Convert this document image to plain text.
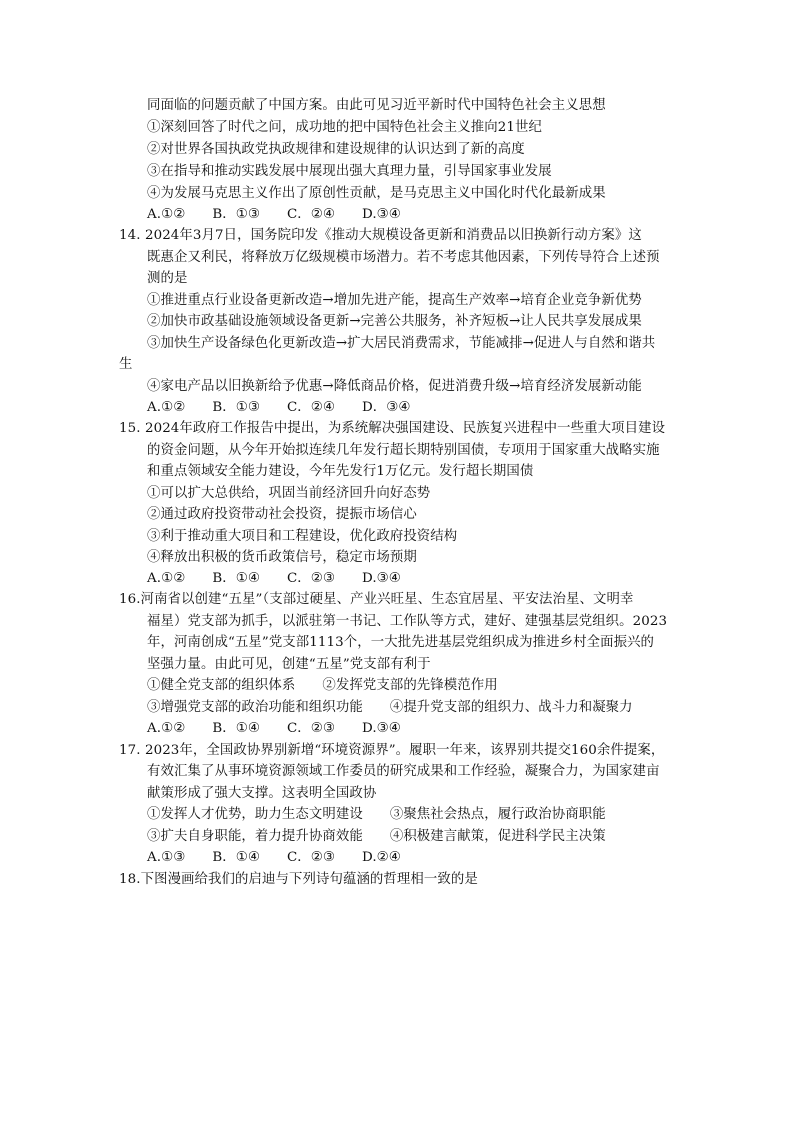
同面临的问题贡献了中国方案。由此可见习近平新时代中国特色社会主义思想
①深刻回答了时代之问，成功地的把中国特色社会主义推向21世纪
②对世界各国执政党执政规律和建设规律的认识达到了新的高度
③在指导和推动实践发展中展现出强大真理力量，引导国家事业发展
④为发展马克思主义作出了原创性贡献，是马克思主义中国化时代化最新成果
A.①②　　B．①③　　C．②④　　D.③④
14. 2024年3月7日，国务院印发《推动大规模设备更新和消费品以旧换新行动方案》这
既惠企又利民，将释放万亿级规模市场潜力。若不考虑其他因素，下列传导符合上述预
测的是
①推进重点行业设备更新改造→增加先进产能，提高生产效率→培育企业竞争新优势
②加快市政基础设施领域设备更新→完善公共服务，补齐短板→让人民共享发展成果
③加快生产设备绿色化更新改造→扩大居民消费需求，节能减排→促进人与自然和谐共
生
④家电产品以旧换新给予优惠→降低商品价格，促进消费升级→培育经济发展新动能
A.①②　　B．①③　　C．②④　　D．③④
15. 2024年政府工作报告中提出，为系统解决强国建设、民族复兴进程中一些重大项目建设
的资金问题，从今年开始拟连续几年发行超长期特别国债，专项用于国家重大战略实施
和重点领域安全能力建设，今年先发行1万亿元。发行超长期国债
①可以扩大总供给，巩固当前经济回升向好态势
②通过政府投资带动社会投资，提振市场信心
③利于推动重大项目和工程建设，优化政府投资结构
④释放出积极的货币政策信号，稳定市场预期
A.①②　　B．①④　　C．②③　　D.③④
16.河南省以创建“五星”（支部过硬星、产业兴旺星、生态宜居星、平安法治星、文明幸
福星）党支部为抓手，以派驻第一书记、工作队等方式，建好、建强基层党组织。2023
年，河南创成“五星”党支部1113个，一大批先进基层党组织成为推进乡村全面振兴的
坚强力量。由此可见，创建“五星”党支部有利于
①健全党支部的组织体系　　②发挥党支部的先锋模范作用
③增强党支部的政治功能和组织功能　　④提升党支部的组织力、战斗力和凝聚力
A.①②　　B．①④　　C．②③　　D.③④
17. 2023年，全国政协界别新增“环境资源界”。履职一年来，该界别共提交160余件提案，
有效汇集了从事环境资源领域工作委员的研究成果和工作经验，凝聚合力，为国家建亩
献策形成了强大支撑。这表明全国政协
①发挥人才优势，助力生态文明建设　　③聚焦社会热点，履行政治协商职能
③扩夫自身职能，着力提升协商效能　　④积极建言献策，促进科学民主决策
A.①③　　B．①④　　C．②③　　D.②④
18.下图漫画给我们的启迪与下列诗句蕴涵的哲理相一致的是
